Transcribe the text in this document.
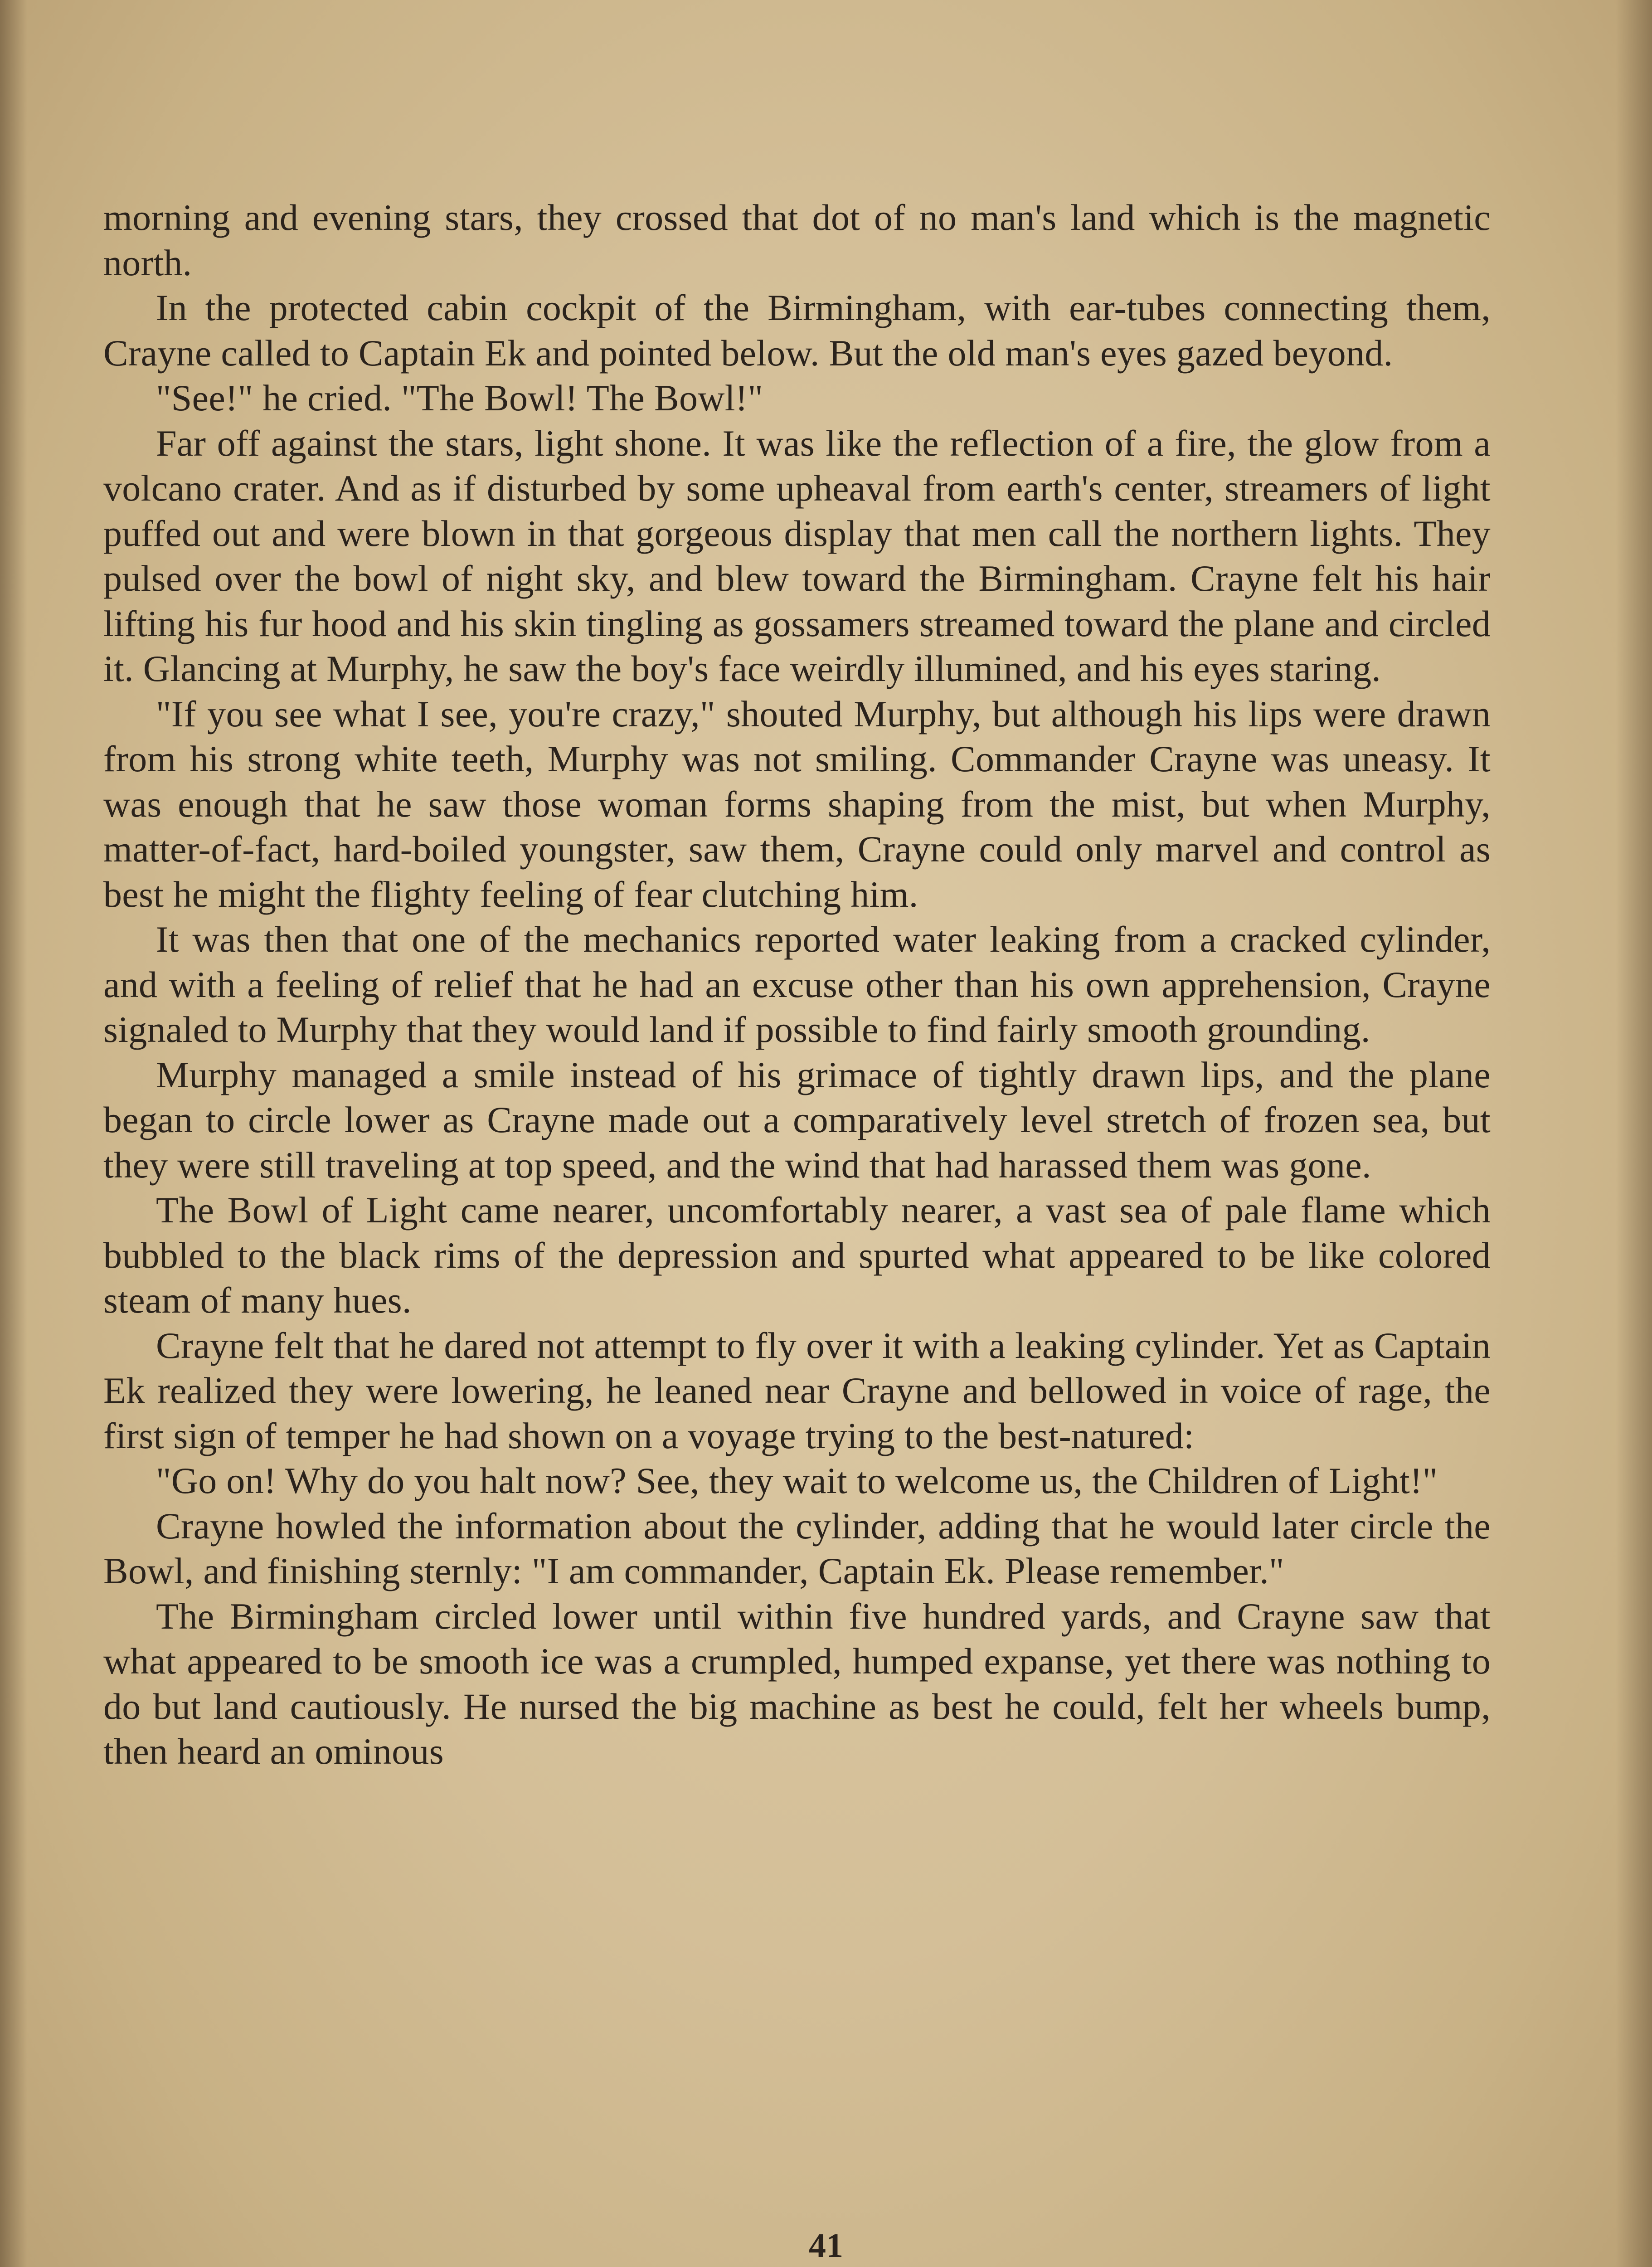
morning and evening stars, they crossed that dot of no man's land which is the magnetic north.

In the protected cabin cockpit of the Birmingham, with ear-tubes connecting them, Crayne called to Captain Ek and pointed below. But the old man's eyes gazed beyond.

"See!" he cried. "The Bowl! The Bowl!"

Far off against the stars, light shone. It was like the reflection of a fire, the glow from a volcano crater. And as if disturbed by some upheaval from earth's center, streamers of light puffed out and were blown in that gorgeous display that men call the northern lights. They pulsed over the bowl of night sky, and blew toward the Birmingham. Crayne felt his hair lifting his fur hood and his skin tingling as gossamers streamed toward the plane and circled it. Glancing at Murphy, he saw the boy's face weirdly illumined, and his eyes staring.

"If you see what I see, you're crazy," shouted Murphy, but although his lips were drawn from his strong white teeth, Murphy was not smiling. Commander Crayne was uneasy. It was enough that he saw those woman forms shaping from the mist, but when Murphy, matter-of-fact, hard-boiled youngster, saw them, Crayne could only marvel and control as best he might the flighty feeling of fear clutching him.

It was then that one of the mechanics reported water leaking from a cracked cylinder, and with a feeling of relief that he had an excuse other than his own apprehension, Crayne signaled to Murphy that they would land if possible to find fairly smooth grounding.

Murphy managed a smile instead of his grimace of tightly drawn lips, and the plane began to circle lower as Crayne made out a comparatively level stretch of frozen sea, but they were still traveling at top speed, and the wind that had harassed them was gone.

The Bowl of Light came nearer, uncomfortably nearer, a vast sea of pale flame which bubbled to the black rims of the depression and spurted what appeared to be like colored steam of many hues.

Crayne felt that he dared not attempt to fly over it with a leaking cylinder. Yet as Captain Ek realized they were lowering, he leaned near Crayne and bellowed in voice of rage, the first sign of temper he had shown on a voyage trying to the best-natured:

"Go on! Why do you halt now? See, they wait to welcome us, the Children of Light!"

Crayne howled the information about the cylinder, adding that he would later circle the Bowl, and finishing sternly: "I am commander, Captain Ek. Please remember."

The Birmingham circled lower until within five hundred yards, and Crayne saw that what appeared to be smooth ice was a crumpled, humped expanse, yet there was nothing to do but land cautiously. He nursed the big machine as best he could, felt her wheels bump, then heard an ominous

41
